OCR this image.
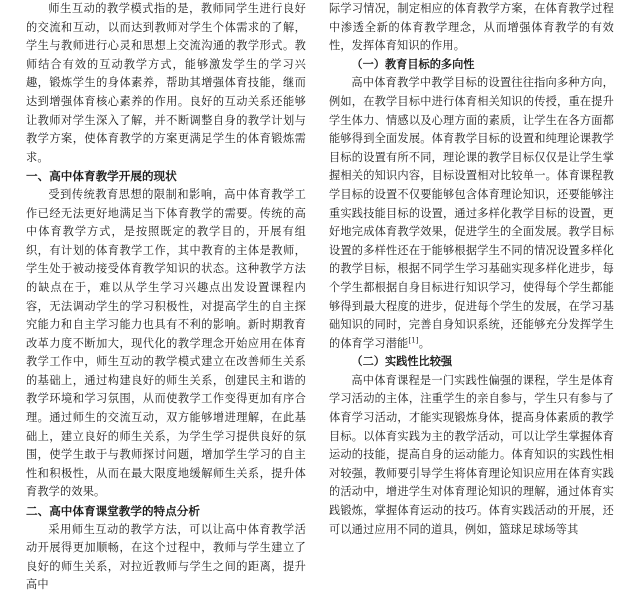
师生互动的教学模式指的是，教师同学生进行良好的交流和互动，以而达到教师对学生个体需求的了解，学生与教师进行心灵和思想上交流沟通的教学形式。教师结合有效的互动教学方式，能够激发学生的学习兴趣，锻炼学生的身体素养，帮助其增强体育技能，继而达到增强体育核心素养的作用。良好的互动关系还能够让教师对学生深入了解，并不断调整自身的教学计划与教学方案，使体育教学的方案更满足学生的体育锻炼需求。

一、高中体育教学开展的现状

受到传统教育思想的限制和影响，高中体育教学工作已经无法更好地满足当下体育教学的需要。传统的高中体育教学方式，是按照既定的教学目的，开展有组织，有计划的体育教学工作，其中教育的主体是教师，学生处于被动接受体育教学知识的状态。这种教学方法的缺点在于，难以从学生学习兴趣点出发设置课程内容，无法调动学生的学习积极性，对提高学生的自主探究能力和自主学习能力也具有不利的影响。新时期教育改革力度不断加大，现代化的教学理念开始应用在体育教学工作中，师生互动的教学模式建立在改善师生关系的基础上，通过构建良好的师生关系，创建民主和谐的教学环境和学习氛围，从而使教学工作变得更加有序合理。通过师生的交流互动，双方能够增进理解，在此基础上，建立良好的师生关系，为学生学习提供良好的氛围，使学生敢于与教师探讨问题，增加学生学习的自主性和积极性，从而在最大限度地缓解师生关系，提升体育教学的效果。

二、高中体育课堂教学的特点分析

采用师生互动的教学方法，可以让高中体育教学活动开展得更加顺畅，在这个过程中，教师与学生建立了良好的师生关系，对拉近教师与学生之间的距离，提升高中

际学习情况，制定相应的体育教学方案，在体育教学过程中渗透全新的体育教学理念，从而增强体育教学的有效性，发挥体育知识的作用。

（一）教育目标的多向性

高中体育教学中教学目标的设置往往指向多种方向，例如，在教学目标中进行体育相关知识的传授，重在提升学生体力、情感以及心理方面的素质，让学生在各方面都能够得到全面发展。体育教学目标的设置和纯理论课教学目标的设置有所不同，理论课的教学目标仅仅是让学生掌握相关的知识内容，目标设置相对比较单一。体育课程教学目标的设置不仅要能够包含体育理论知识，还要能够注重实践技能目标的设置，通过多样化教学目标的设置，更好地完成体育教学效果，促进学生的全面发展。教学目标设置的多样性还在于能够根据学生不同的情况设置多样化的教学目标，根据不同学生学习基础实现多样化进步，每个学生都根据自身目标进行知识学习，使得每个学生都能够得到最大程度的进步，促进每个学生的发展，在学习基础知识的同时，完善自身知识系统，还能够充分发挥学生的体育学习潜能[1]。

（二）实践性比较强

高中体育课程是一门实践性偏强的课程，学生是体育学习活动的主体，注重学生的亲自参与，学生只有参与了体育学习活动，才能实现锻炼身体，提高身体素质的教学目标。以体育实践为主的教学活动，可以让学生掌握体育运动的技能，提高自身的运动能力。体育知识的实践性相对较强，教师要引导学生将体育理论知识应用在体育实践的活动中，增进学生对体育理论知识的理解，通过体育实践锻炼，掌握体育运动的技巧。体育实践活动的开展，还可以通过应用不同的道具，例如，篮球足球场等其
